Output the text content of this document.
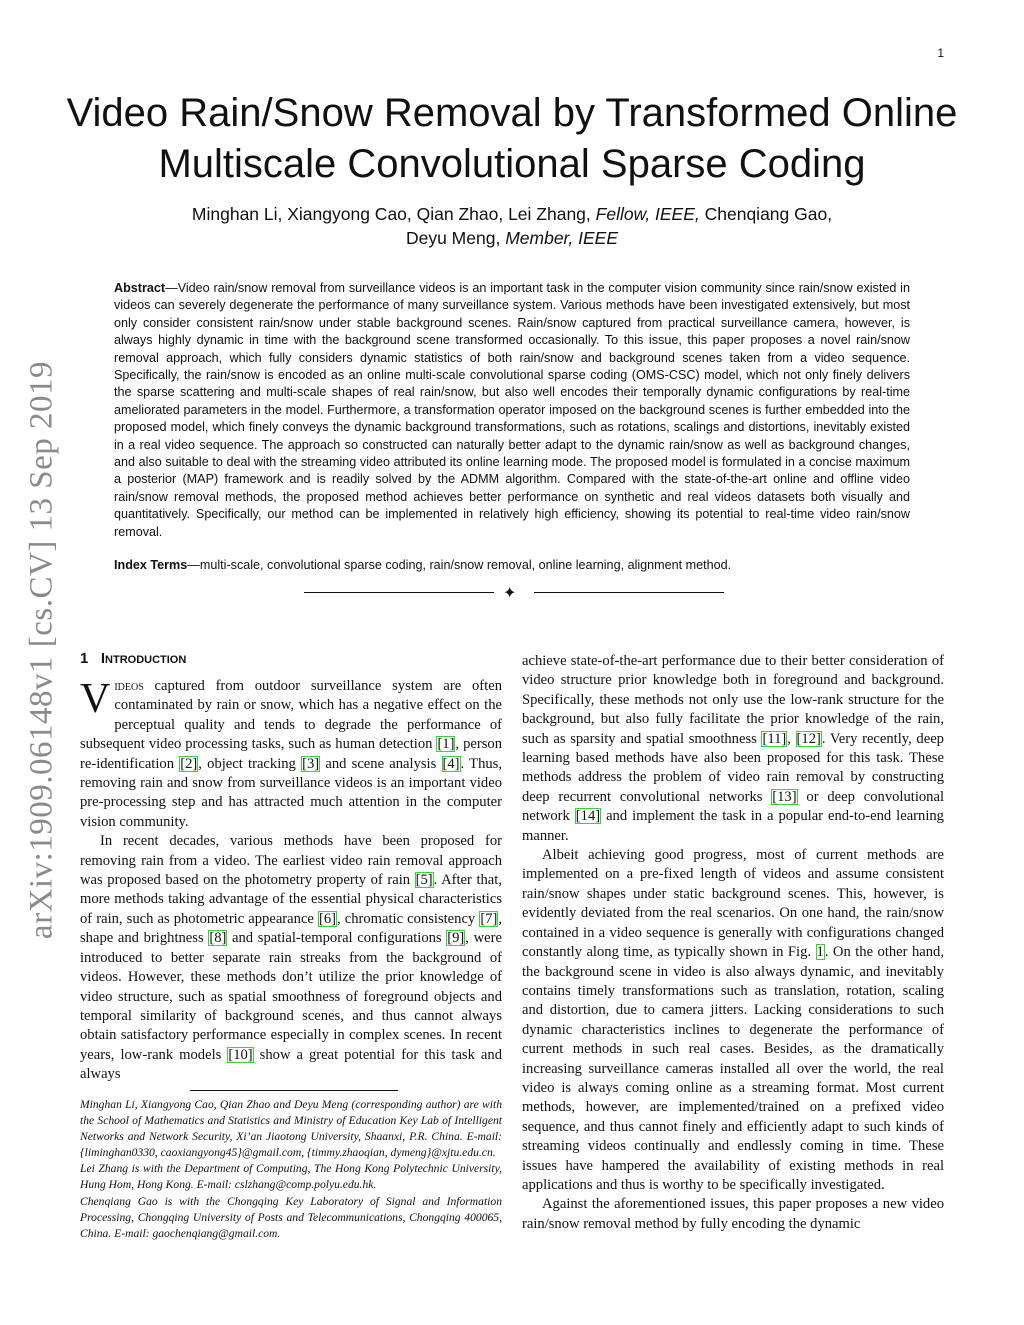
1
arXiv:1909.06148v1 [cs.CV] 13 Sep 2019
Video Rain/Snow Removal by Transformed Online Multiscale Convolutional Sparse Coding
Minghan Li, Xiangyong Cao, Qian Zhao, Lei Zhang, Fellow, IEEE, Chenqiang Gao,
Deyu Meng, Member, IEEE

Abstract—Video rain/snow removal from surveillance videos is an important task in the computer vision community since rain/snow existed in videos can severely degenerate the performance of many surveillance system. Various methods have been investigated extensively, but most only consider consistent rain/snow under stable background scenes. Rain/snow captured from practical surveillance camera, however, is always highly dynamic in time with the background scene transformed occasionally. To this issue, this paper proposes a novel rain/snow removal approach, which fully considers dynamic statistics of both rain/snow and background scenes taken from a video sequence. Specifically, the rain/snow is encoded as an online multi-scale convolutional sparse coding (OMS-CSC) model, which not only finely delivers the sparse scattering and multi-scale shapes of real rain/snow, but also well encodes their temporally dynamic configurations by real-time ameliorated parameters in the model. Furthermore, a transformation operator imposed on the background scenes is further embedded into the proposed model, which finely conveys the dynamic background transformations, such as rotations, scalings and distortions, inevitably existed in a real video sequence. The approach so constructed can naturally better adapt to the dynamic rain/snow as well as background changes, and also suitable to deal with the streaming video attributed its online learning mode. The proposed model is formulated in a concise maximum a posterior (MAP) framework and is readily solved by the ADMM algorithm. Compared with the state-of-the-art online and offline video rain/snow removal methods, the proposed method achieves better performance on synthetic and real videos datasets both visually and quantitatively. Specifically, our method can be implemented in relatively high efficiency, showing its potential to real-time video rain/snow removal.

Index Terms—multi-scale, convolutional sparse coding, rain/snow removal, online learning, alignment method.

✦
1 Introduction

Videos captured from outdoor surveillance system are often contaminated by rain or snow, which has a negative effect on the perceptual quality and tends to degrade the performance of subsequent video processing tasks, such as human detection [1], person re-identification [2], object tracking [3] and scene analysis [4]. Thus, removing rain and snow from surveillance videos is an important video pre-processing step and has attracted much attention in the computer vision community.

In recent decades, various methods have been proposed for removing rain from a video. The earliest video rain removal approach was proposed based on the photometry property of rain [5]. After that, more methods taking advantage of the essential physical characteristics of rain, such as photometric appearance [6], chromatic consistency [7], shape and brightness [8] and spatial-temporal configurations [9], were introduced to better separate rain streaks from the background of videos. However, these methods don’t utilize the prior knowledge of video structure, such as spatial smoothness of foreground objects and temporal similarity of background scenes, and thus cannot always obtain satisfactory performance especially in complex scenes. In recent years, low-rank models [10] show a great potential for this task and always

Minghan Li, Xiangyong Cao, Qian Zhao and Deyu Meng (corresponding author) are with the School of Mathematics and Statistics and Ministry of Education Key Lab of Intelligent Networks and Network Security, Xi’an Jiaotong University, Shaanxi, P.R. China. E-mail: {liminghan0330, caoxiangyong45}@gmail.com, {timmy.zhaoqian, dymeng}@xjtu.edu.cn.

Lei Zhang is with the Department of Computing, The Hong Kong Polytechnic University, Hung Hom, Hong Kong. E-mail: cslzhang@comp.polyu.edu.hk.

Chenqiang Gao is with the Chongqing Key Laboratory of Signal and Information Processing, Chongqing University of Posts and Telecommunications, Chongqing 400065, China. E-mail: gaochenqiang@gmail.com.

achieve state-of-the-art performance due to their better consideration of video structure prior knowledge both in foreground and background. Specifically, these methods not only use the low-rank structure for the background, but also fully facilitate the prior knowledge of the rain, such as sparsity and spatial smoothness [11], [12]. Very recently, deep learning based methods have also been proposed for this task. These methods address the problem of video rain removal by constructing deep recurrent convolutional networks [13] or deep convolutional network [14] and implement the task in a popular end-to-end learning manner.

Albeit achieving good progress, most of current methods are implemented on a pre-fixed length of videos and assume consistent rain/snow shapes under static background scenes. This, however, is evidently deviated from the real scenarios. On one hand, the rain/snow contained in a video sequence is generally with configurations changed constantly along time, as typically shown in Fig. 1. On the other hand, the background scene in video is also always dynamic, and inevitably contains timely transformations such as translation, rotation, scaling and distortion, due to camera jitters. Lacking considerations to such dynamic characteristics inclines to degenerate the performance of current methods in such real cases. Besides, as the dramatically increasing surveillance cameras installed all over the world, the real video is always coming online as a streaming format. Most current methods, however, are implemented/trained on a prefixed video sequence, and thus cannot finely and efficiently adapt to such kinds of streaming videos continually and endlessly coming in time. These issues have hampered the availability of existing methods in real applications and thus is worthy to be specifically investigated.

Against the aforementioned issues, this paper proposes a new video rain/snow removal method by fully encoding the dynamic
